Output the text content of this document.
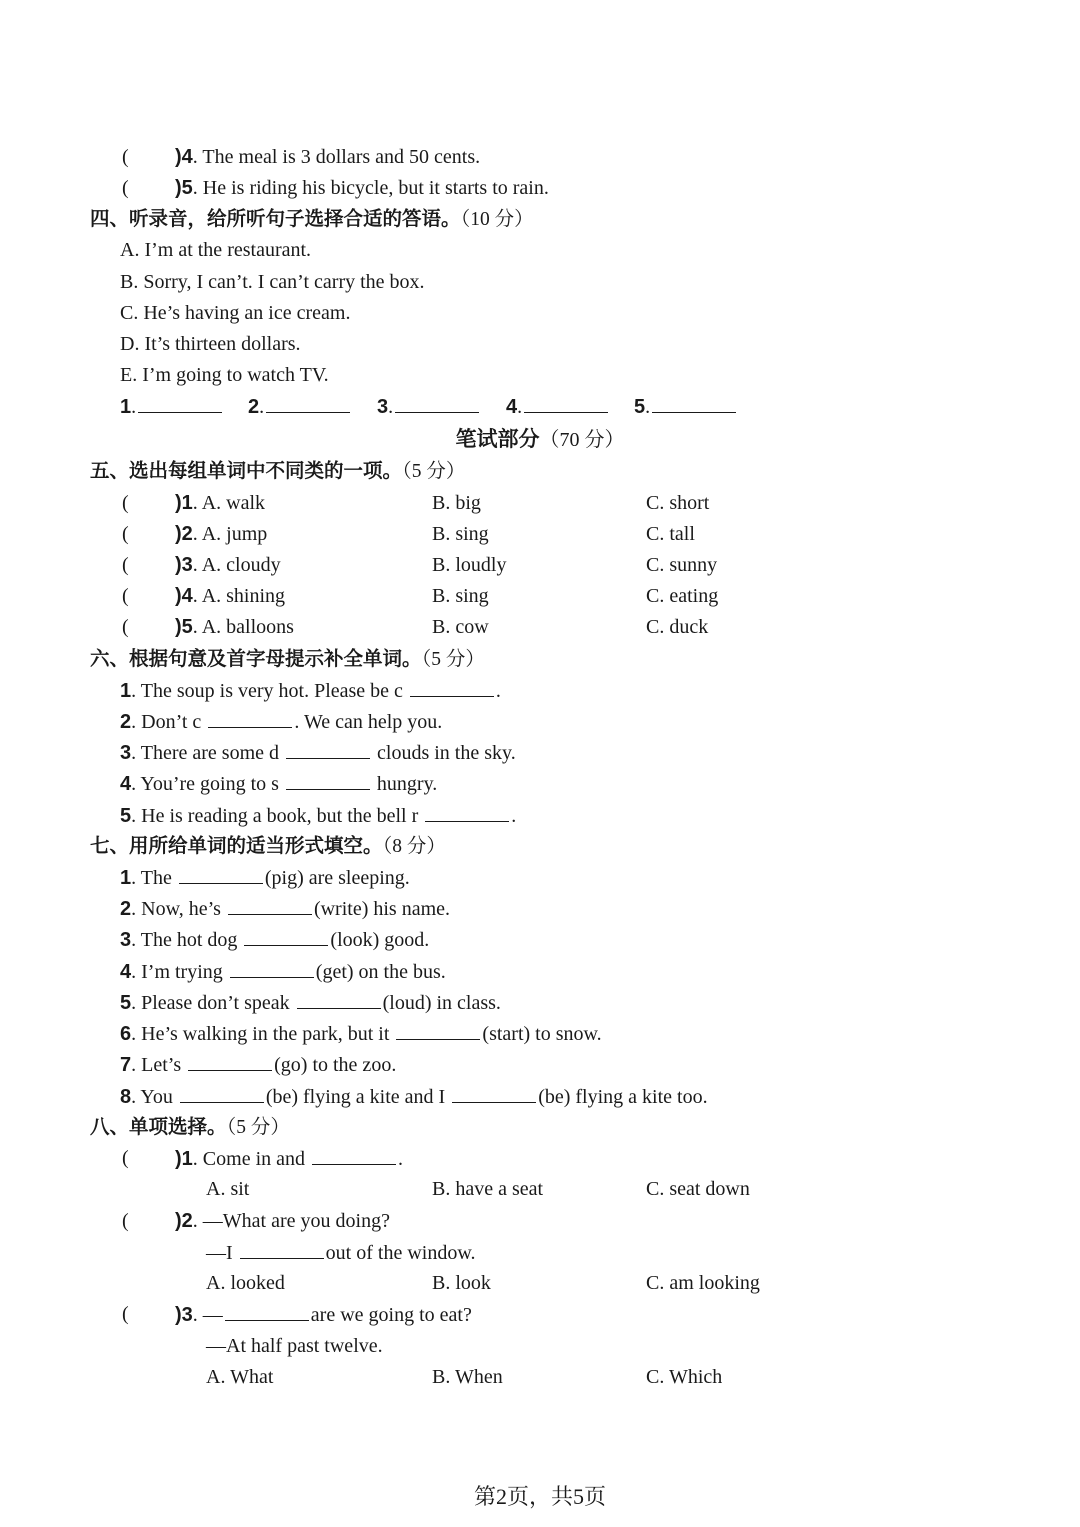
( )4. The meal is 3 dollars and 50 cents.
( )5. He is riding his bicycle, but it starts to rain.
四、听录音，给所听句子选择合适的答语。（10 分）
A. I’m at the restaurant.
B. Sorry, I can’t. I can’t carry the box.
C. He’s having an ice cream.
D. It’s thirteen dollars.
E. I’m going to watch TV.
1.	2.	3.	4.	5.
笔试部分（70 分）
五、选出每组单词中不同类的一项。（5 分）
( )1. A. walk	B. big	C. short
( )2. A. jump	B. sing	C. tall
( )3. A. cloudy	B. loudly	C. sunny
( )4. A. shining	B. sing	C. eating
( )5. A. balloons	B. cow	C. duck
六、根据句意及首字母提示补全单词。（5 分）
1. The soup is very hot. Please be c	.
2. Don’t c	. We can help you.
3. There are some d	clouds in the sky.
4. You’re going to s	hungry.
5. He is reading a book, but the bell r	.
七、用所给单词的适当形式填空。（8 分）
1. The	(pig) are sleeping.
2. Now, he’s	(write) his name.
3. The hot dog	(look) good.
4. I’m trying	(get) on the bus.
5. Please don’t speak	(loud) in class.
6. He’s walking in the park, but it	(start) to snow.
7. Let’s	(go) to the zoo.
8. You	(be) flying a kite and I	(be) flying a kite too.
八、单项选择。（5 分）
( )1. Come in and	.
A. sit	B. have a seat	C. seat down
( )2. —What are you doing?
—I	out of the window.
A. looked	B. look	C. am looking
( )3. —	are we going to eat?
—At half past twelve.
A. What	B. When	C. Which
第2页，共5页
